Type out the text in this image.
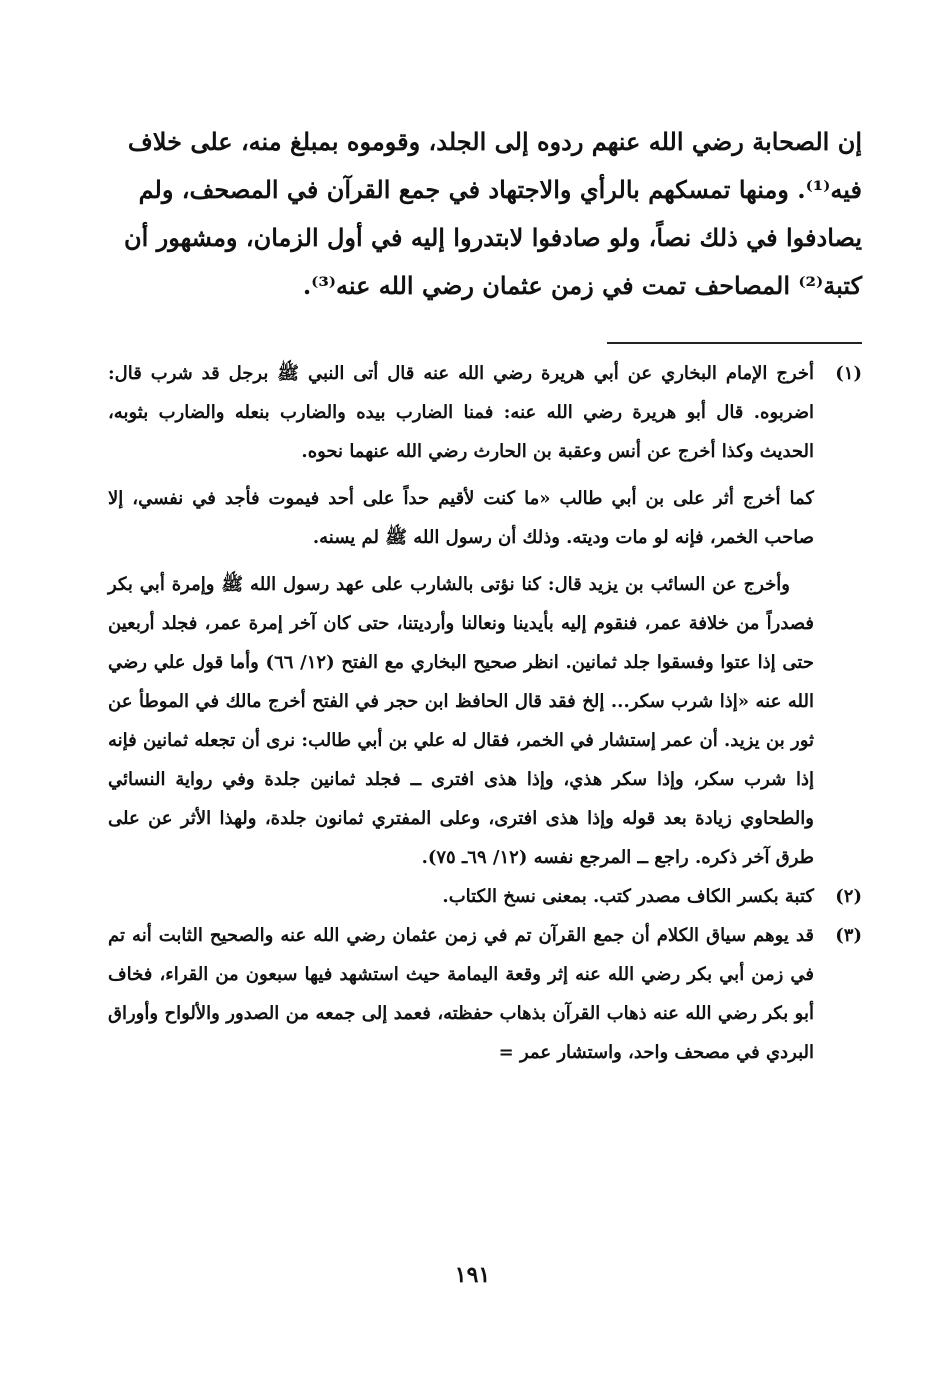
إن الصحابة رضي الله عنهم ردوه إلى الجلد، وقوموه بمبلغ منه، على خلاف

فيه⁽¹⁾. ومنها تمسكهم بالرأي والاجتهاد في جمع القرآن في المصحف، ولم

يصادفوا في ذلك نصاً، ولو صادفوا لابتدروا إليه في أول الزمان، ومشهور أن

كتبة⁽²⁾ المصاحف تمت في زمن عثمان رضي الله عنه⁽³⁾.

(١)

أخرج الإمام البخاري عن أبي هريرة رضي الله عنه قال أتى النبي ﷺ برجل قد شرب قال: اضربوه. قال أبو هريرة رضي الله عنه: فمنا الضارب بيده والضارب بنعله والضارب بثوبه، الحديث وكذا أخرج عن أنس وعقبة بن الحارث رضي الله عنهما نحوه.

كما أخرج أثر على بن أبي طالب «ما كنت لأقيم حداً على أحد فيموت فأجد في نفسي، إلا صاحب الخمر، فإنه لو مات وديته. وذلك أن رسول الله ﷺ لم يسنه.

وأخرج عن السائب بن يزيد قال: كنا نؤتى بالشارب على عهد رسول الله ﷺ وإمرة أبي بكر فصدراً من خلافة عمر، فنقوم إليه بأيدينا ونعالنا وأرديتنا، حتى كان آخر إمرة عمر، فجلد أربعين حتى إذا عتوا وفسقوا جلد ثمانين. انظر صحيح البخاري مع الفتح (١٢/ ٦٦) وأما قول علي رضي الله عنه «إذا شرب سكر... إلخ فقد قال الحافظ ابن حجر في الفتح أخرج مالك في الموطأ عن ثور بن يزيد. أن عمر إستشار في الخمر، فقال له علي بن أبي طالب: نرى أن تجعله ثمانين فإنه إذا شرب سكر، وإذا سكر هذي، وإذا هذى افترى ــ فجلد ثمانين جلدة وفي رواية النسائي والطحاوي زيادة بعد قوله وإذا هذى افترى، وعلى المفتري ثمانون جلدة، ولهذا الأثر عن على طرق آخر ذكره. راجع ــ المرجع نفسه (١٢/ ٦٩ـ ٧٥).

(٢)

كتبة بكسر الكاف مصدر كتب. بمعنى نسخ الكتاب.

(٣)

قد يوهم سياق الكلام أن جمع القرآن تم في زمن عثمان رضي الله عنه والصحيح الثابت أنه تم في زمن أبي بكر رضي الله عنه إثر وقعة اليمامة حيث استشهد فيها سبعون من القراء، فخاف أبو بكر رضي الله عنه ذهاب القرآن بذهاب حفظته، فعمد إلى جمعه من الصدور والألواح وأوراق البردي في مصحف واحد، واستشار عمر =

١٩١
